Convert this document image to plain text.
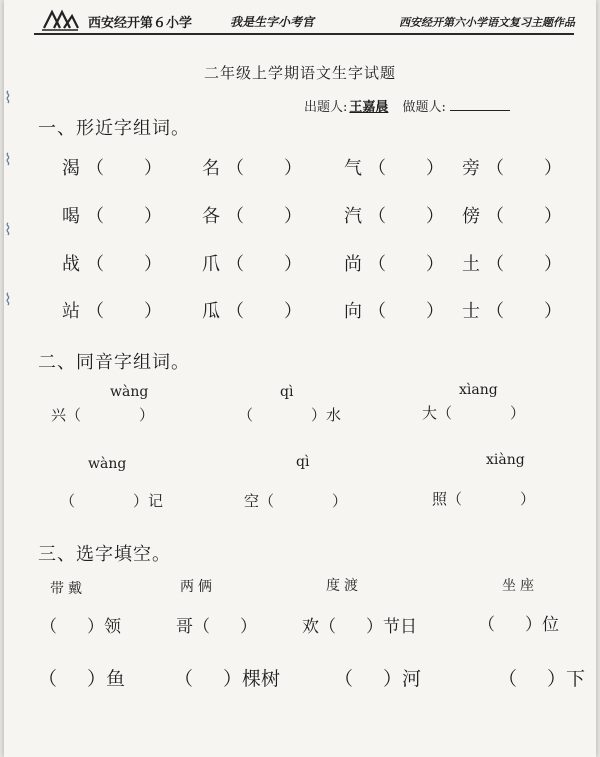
⌇
⌇
⌇
⌇
西安经开第６小学	我是生字小考官	西安经开第六小学语文复习主题作品
二年级上学期语文生字试题
出题人: 王嘉晨 做题人:
一、形近字组词。
渴 （ ） 名 （ ） 气 （ ） 旁 （ ）
喝 （ ） 各 （ ） 汽 （ ） 傍 （ ）
战 （ ） 爪 （ ） 尚 （ ） 土 （ ）
站 （ ） 瓜 （ ） 向 （ ） 士 （ ）
二、同音字组词。
wàng	qì	xìang
兴（	）	（	）水	大（	）
wàng	qì	xiàng
（	）记	空（	）	照（	）
三、选字填空。
带戴	两俩	度渡	坐座
（ ）领	哥（ ）	欢（ ）节日	（ ）位
（ ）鱼	（ ）棵树	（ ）河	（ ）下
